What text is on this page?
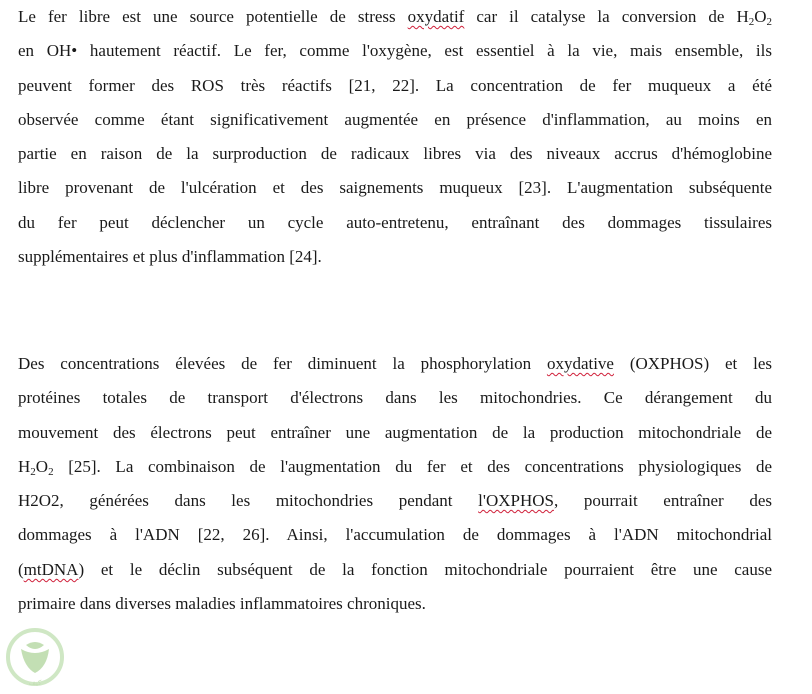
Le fer libre est une source potentielle de stress oxydatif car il catalyse la conversion de $H_2O_2$
en OH• hautement réactif. Le fer, comme l'oxygène, est essentiel à la vie, mais ensemble, ils
peuvent former des ROS très réactifs [21, 22]. La concentration de fer muqueux a été
observée comme étant significativement augmentée en présence d'inflammation, au moins en
partie en raison de la surproduction de radicaux libres via des niveaux accrus d'hémoglobine
libre provenant de l'ulcération et des saignements muqueux [23]. L'augmentation subséquente
du fer peut déclencher un cycle auto-entretenu, entraînant des dommages tissulaires
supplémentaires et plus d'inflammation [24].
Des concentrations élevées de fer diminuent la phosphorylation oxydative (OXPHOS) et les
protéines totales de transport d'électrons dans les mitochondries. Ce dérangement du
mouvement des électrons peut entraîner une augmentation de la production mitochondriale de
$H_2O_2$ [25]. La combinaison de l'augmentation du fer et des concentrations physiologiques de
H2O2, générées dans les mitochondries pendant l'OXPHOS, pourrait entraîner des
dommages à l'ADN [22, 26]. Ainsi, l'accumulation de dommages à l'ADN mitochondrial
(mtDNA) et le déclin subséquent de la fonction mitochondriale pourraient être une cause
primaire dans diverses maladies inflammatoires chroniques.
كيف
